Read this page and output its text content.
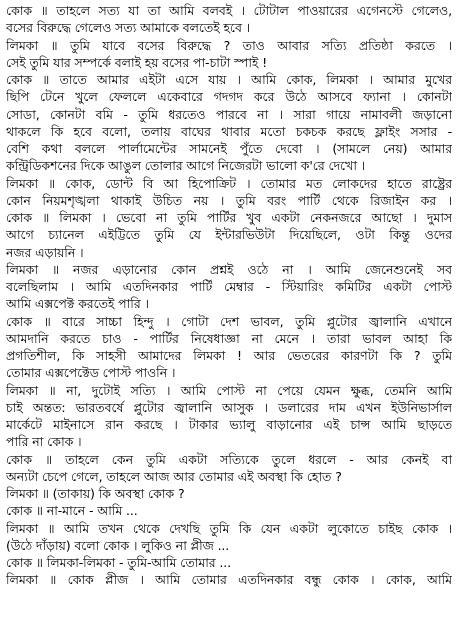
কোক ॥ তাহলে সত্য যা তা আমি বলবই । টোটাল পাওয়ারের এগেনস্টে গেলেও,
বসের বিরুদ্ধে গেলেও সত্য আমাকে বলতেই হবে ।
লিমকা ॥ তুমি যাবে বসের বিরুদ্ধে ? তাও আবার সত্যি প্রতিষ্ঠা করতে ।
সেই তুমি যার সম্পর্কে বলাই হয় বসের পা-চাটা স্পাই !
কোক ॥ তাতে আমার এইটা এসে যায় । আমি কোক, লিমকা । আমার মুখের
ছিপি টেনে খুলে ফেললে একেবারে গদগদ করে উঠে আসবে ফ্যানা । কোনটা
সোডা, কোনটা বমি - তুমি ধরতেও পারবে না । সারা গায়ে নামাবলী জড়ানো
থাকলে কি হবে বলো, তলায় বাঘের থাবার মতো চকচক করছে ফ্লাইং সসার -
বেশি কথা বললে পার্লামেন্টের সামনেই পুঁতে দেবো । (সামলে নেয়) আমার
কন্ট্রিডিকশনের দিকে আঙুল তোলার আগে নিজেরটা ভালো ক'রে দেখো ।
লিমকা ॥ কোক, ডোন্ট বি আ হিপোক্রিট । তোমার মত লোকদের হাতে রাষ্ট্রের
কোন নিয়মশৃঙ্খলা থাকাই উচিত নয় । তুমি বরং পার্টি থেকে রিজাইন কর ।
কোক ॥ লিমকা । ভেবো না তুমি পার্টির খুব একটা নেকনজরে আছো । দুমাস
আগে চ্যানেল এইট্টিতে তুমি যে ইন্টারভিউটা দিয়েছিলে, ওটা কিন্তু ওদের
নজর এড়ায়নি ।
লিমকা ॥ নজর এড়ানোর কোন প্রশ্নই ওঠে না । আমি জেনেশুনেই সব
বলেছিলাম । আমি এতদিনকার পার্টি মেম্বার - স্টিয়ারিং কমিটির একটা পোস্ট
আমি এক্সপেক্ট করতেই পারি ।
কোক ॥ বারে সাচ্চা হিন্দু । গোটা দেশ ভাবল, তুমি প্লুটোর জ্বালানি এখানে
আমদানি করতে চাও - পার্টির নিষেধাজ্ঞা না মেনে । তারা ভাবল আহা কি
প্রগতিশীল, কি সাহসী আমাদের লিমকা ! আর ভেতরের কারণটা কি ? তুমি
তোমার এক্সপেক্টেড পোস্ট পাওনি ।
লিমকা ॥ না, দুটোই সত্যি । আমি পোস্ট না পেয়ে যেমন ক্ষুব্ধ, তেমনি আমি
চাই অন্তত: ভারতবর্ষে প্লুটোর জ্বালানি আসুক । ডলারের দাম এখন ইউনিভার্সাল
মার্কেটে মাইনাসে রান করছে । টাকার ভ্যালু বাড়ানোর এই চান্স আমি ছাড়তে
পারি না কোক ।
কোক ॥ তাহলে কেন তুমি একটা সত্যিকে তুলে ধরলে - আর কেনই বা
অন্যটা চেপে গেলে, তাহলে আজ আর তোমার এই অবস্থা কি হোত ?
লিমকা ॥ (তাকায়) কি অবস্থা কোক ?
কোক ॥ না-মানে - আমি ...
লিমকা ॥ আমি তখন থেকে দেখছি তুমি কি যেন একটা লুকোতে চাইছ কোক ।
(উঠে দাঁড়ায়) বলো কোক । লুকিও না প্লীজ ...
কোক ॥ লিমকা-লিমকা - তুমি-আমি তোমার ...
লিমকা ॥ কোক প্লীজ । আমি তোমার এতদিনকার বন্ধু কোক । কোক, আমি
